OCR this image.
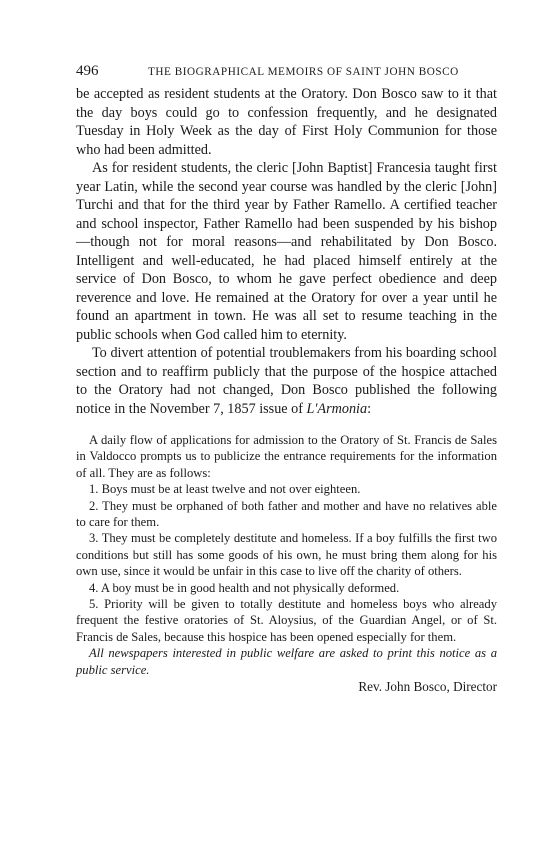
496	THE BIOGRAPHICAL MEMOIRS OF SAINT JOHN BOSCO

be accepted as resident students at the Oratory. Don Bosco saw to it that the day boys could go to confession frequently, and he designated Tuesday in Holy Week as the day of First Holy Communion for those who had been admitted.

As for resident students, the cleric [John Baptist] Francesia taught first year Latin, while the second year course was handled by the cleric [John] Turchi and that for the third year by Father Ramello. A certified teacher and school inspector, Father Ramello had been suspended by his bishop—though not for moral reasons—and rehabilitated by Don Bosco. Intelligent and well-educated, he had placed himself entirely at the service of Don Bosco, to whom he gave perfect obedience and deep reverence and love. He remained at the Oratory for over a year until he found an apartment in town. He was all set to resume teaching in the public schools when God called him to eternity.

To divert attention of potential troublemakers from his boarding school section and to reaffirm publicly that the purpose of the hospice attached to the Oratory had not changed, Don Bosco published the following notice in the November 7, 1857 issue of L'Armonia:

A daily flow of applications for admission to the Oratory of St. Francis de Sales in Valdocco prompts us to publicize the entrance requirements for the information of all. They are as follows:

1. Boys must be at least twelve and not over eighteen.

2. They must be orphaned of both father and mother and have no relatives able to care for them.

3. They must be completely destitute and homeless. If a boy fulfills the first two conditions but still has some goods of his own, he must bring them along for his own use, since it would be unfair in this case to live off the charity of others.

4. A boy must be in good health and not physically deformed.

5. Priority will be given to totally destitute and homeless boys who already frequent the festive oratories of St. Aloysius, of the Guardian Angel, or of St. Francis de Sales, because this hospice has been opened especially for them.

All newspapers interested in public welfare are asked to print this notice as a public service.

Rev. John Bosco, Director
